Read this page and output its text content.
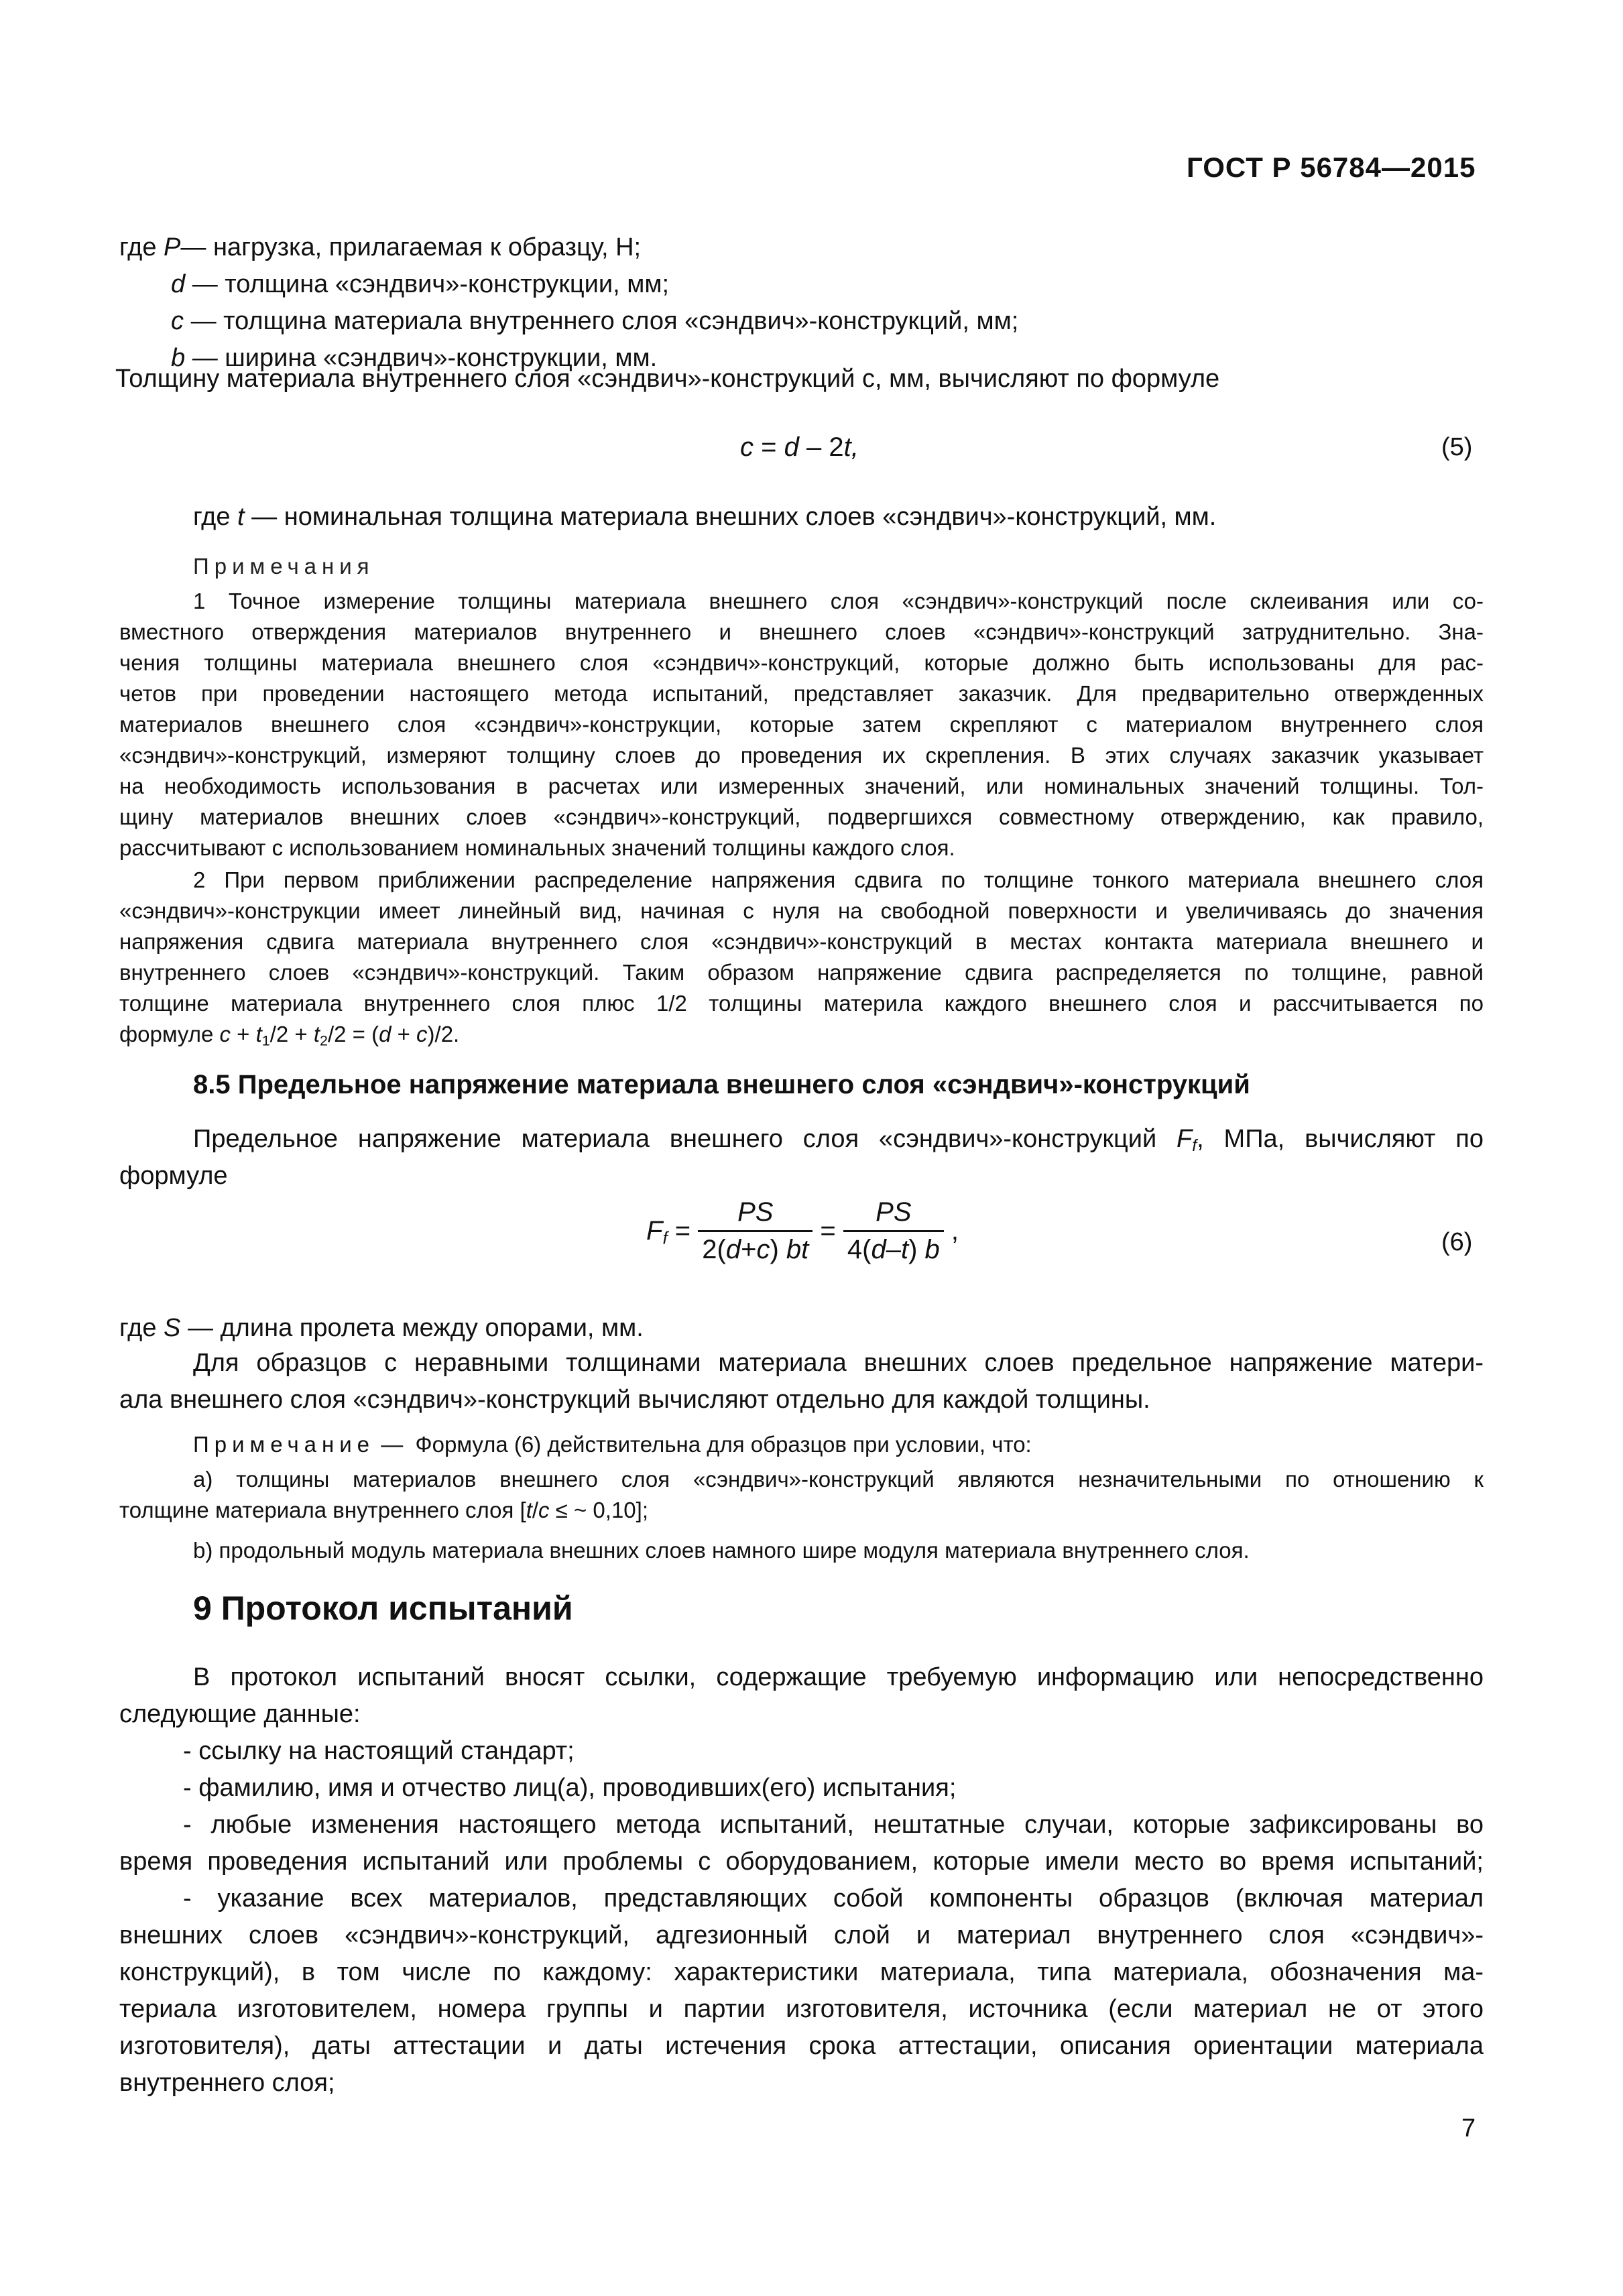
ГОСТ Р 56784—2015
где P— нагрузка, прилагаемая к образцу, Н;
d — толщина «сэндвич»-конструкции, мм;
c — толщина материала внутреннего слоя «сэндвич»-конструкций, мм;
b — ширина «сэндвич»-конструкции, мм.
Толщину материала внутреннего слоя «сэндвич»-конструкций с, мм, вычисляют по формуле
c = d – 2t,	(5)
где t — номинальная толщина материала внешних слоев «сэндвич»-конструкций, мм.
Примечания
1 Точное измерение толщины материала внешнего слоя «сэндвич»-конструкций после склеивания или со-
вместного отверждения материалов внутреннего и внешнего слоев «сэндвич»-конструкций затруднительно. Зна-
чения толщины материала внешнего слоя «сэндвич»-конструкций, которые должно быть использованы для рас-
четов при проведении настоящего метода испытаний, представляет заказчик. Для предварительно отвержденных
материалов внешнего слоя «сэндвич»-конструкции, которые затем скрепляют с материалом внутреннего слоя
«сэндвич»-конструкций, измеряют толщину слоев до проведения их скрепления. В этих случаях заказчик указывает
на необходимость использования в расчетах или измеренных значений, или номинальных значений толщины. Тол-
щину материалов внешних слоев «сэндвич»-конструкций, подвергшихся совместному отверждению, как правило,
рассчитывают с использованием номинальных значений толщины каждого слоя.
2 При первом приближении распределение напряжения сдвига по толщине тонкого материала внешнего слоя
«сэндвич»-конструкции имеет линейный вид, начиная с нуля на свободной поверхности и увеличиваясь до значения
напряжения сдвига материала внутреннего слоя «сэндвич»-конструкций в местах контакта материала внешнего и
внутреннего слоев «сэндвич»-конструкций. Таким образом напряжение сдвига распределяется по толщине, равной
толщине материала внутреннего слоя плюс 1/2 толщины материла каждого внешнего слоя и рассчитывается по
формуле $c + t_1/2 + t_2/2 = (d + c)/2$.
8.5 Предельное напряжение материала внешнего слоя «сэндвич»-конструкций
Предельное напряжение материала внешнего слоя «сэндвич»-конструкций $F_f$, МПа, вычисляют по
формуле
$F_f = \frac{PS}{2(d+c) bt} = \frac{PS}{4(d-t) b}$ ,	(6)
где S — длина пролета между опорами, мм.
Для образцов с неравными толщинами материала внешних слоев предельное напряжение матери-
ала внешнего слоя «сэндвич»-конструкций вычисляют отдельно для каждой толщины.
Примечание — Формула (6) действительна для образцов при условии, что:
а) толщины материалов внешнего слоя «сэндвич»-конструкций являются незначительными по отношению к
толщине материала внутреннего слоя [t/c ≤ ~ 0,10];
b) продольный модуль материала внешних слоев намного шире модуля материала внутреннего слоя.
9 Протокол испытаний
В протокол испытаний вносят ссылки, содержащие требуемую информацию или непосредственно
следующие данные:
- ссылку на настоящий стандарт;
- фамилию, имя и отчество лиц(а), проводивших(его) испытания;
- любые изменения настоящего метода испытаний, нештатные случаи, которые зафиксированы во
время проведения испытаний или проблемы с оборудованием, которые имели место во время испытаний;
- указание всех материалов, представляющих собой компоненты образцов (включая материал
внешних слоев «сэндвич»-конструкций, адгезионный слой и материал внутреннего слоя «сэндвич»-
конструкций), в том числе по каждому: характеристики материала, типа материала, обозначения ма-
териала изготовителем, номера группы и партии изготовителя, источника (если материал не от этого
изготовителя), даты аттестации и даты истечения срока аттестации, описания ориентации материала
внутреннего слоя;
7
